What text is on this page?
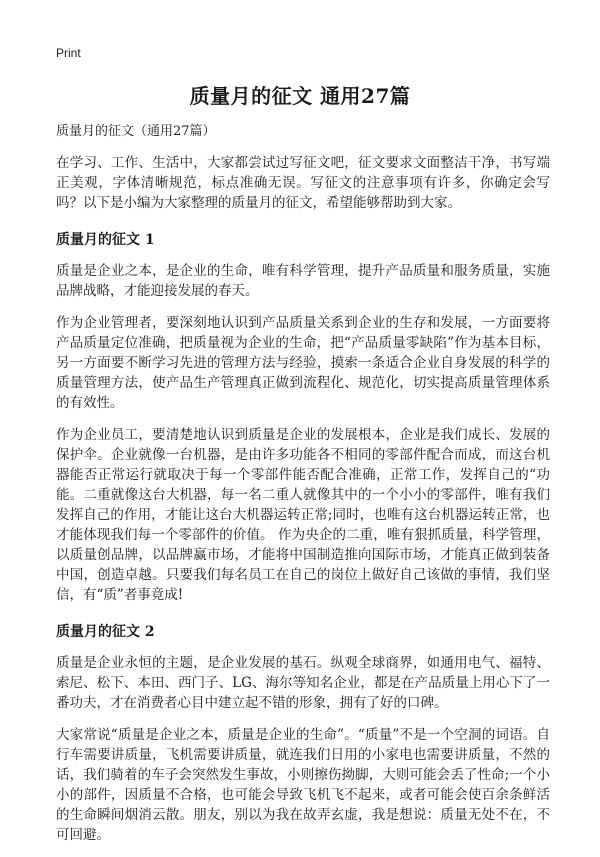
Print
质量月的征文 通用27篇

质量月的征文（通用27篇）

在学习、工作、生活中，大家都尝试过写征文吧，征文要求文面整洁干净，书写端正美观，字体清晰规范，标点准确无误。写征文的注意事项有许多，你确定会写吗？以下是小编为大家整理的质量月的征文，希望能够帮助到大家。

质量月的征文 1

质量是企业之本，是企业的生命，唯有科学管理，提升产品质量和服务质量，实施品牌战略，才能迎接发展的春天。

作为企业管理者，要深刻地认识到产品质量关系到企业的生存和发展，一方面要将产品质量定位准确，把质量视为企业的生命，把“产品质量零缺陷”作为基本目标，另一方面要不断学习先进的管理方法与经验，摸索一条适合企业自身发展的科学的质量管理方法，使产品生产管理真正做到流程化、规范化，切实提高质量管理体系的有效性。

作为企业员工，要清楚地认识到质量是企业的发展根本，企业是我们成长、发展的保护伞。企业就像一台机器，是由许多功能各不相同的零部件配合而成，而这台机器能否正常运行就取决于每一个零部件能否配合准确，正常工作，发挥自己的“功能。二重就像这台大机器，每一名二重人就像其中的一个小小的零部件，唯有我们发挥自己的作用，才能让这台大机器运转正常;同时，也唯有这台机器运转正常，也才能体现我们每一个零部件的价值。 作为央企的二重，唯有狠抓质量，科学管理，以质量创品牌，以品牌赢市场，才能将中国制造推向国际市场，才能真正做到装备中国，创造卓越。只要我们每名员工在自己的岗位上做好自己该做的事情，我们坚信，有“质”者事竟成!

质量月的征文 2

质量是企业永恒的主题，是企业发展的基石。纵观全球商界，如通用电气、福特、索尼、松下、本田、西门子、LG、海尔等知名企业，都是在产品质量上用心下了一番功夫，才在消费者心目中建立起不错的形象，拥有了好的口碑。

大家常说“质量是企业之本，质量是企业的生命”。“质量”不是一个空洞的词语。自行车需要讲质量，飞机需要讲质量，就连我们日用的小家电也需要讲质量，不然的话，我们骑着的车子会突然发生事故，小则擦伤拗脚，大则可能会丢了性命;一个小小的部件，因质量不合格，也可能会导致飞机飞不起来，或者可能会使百余条鲜活的生命瞬间烟消云散。朋友，别以为我在故弄玄虚，我是想说：质量无处不在，不可回避。
